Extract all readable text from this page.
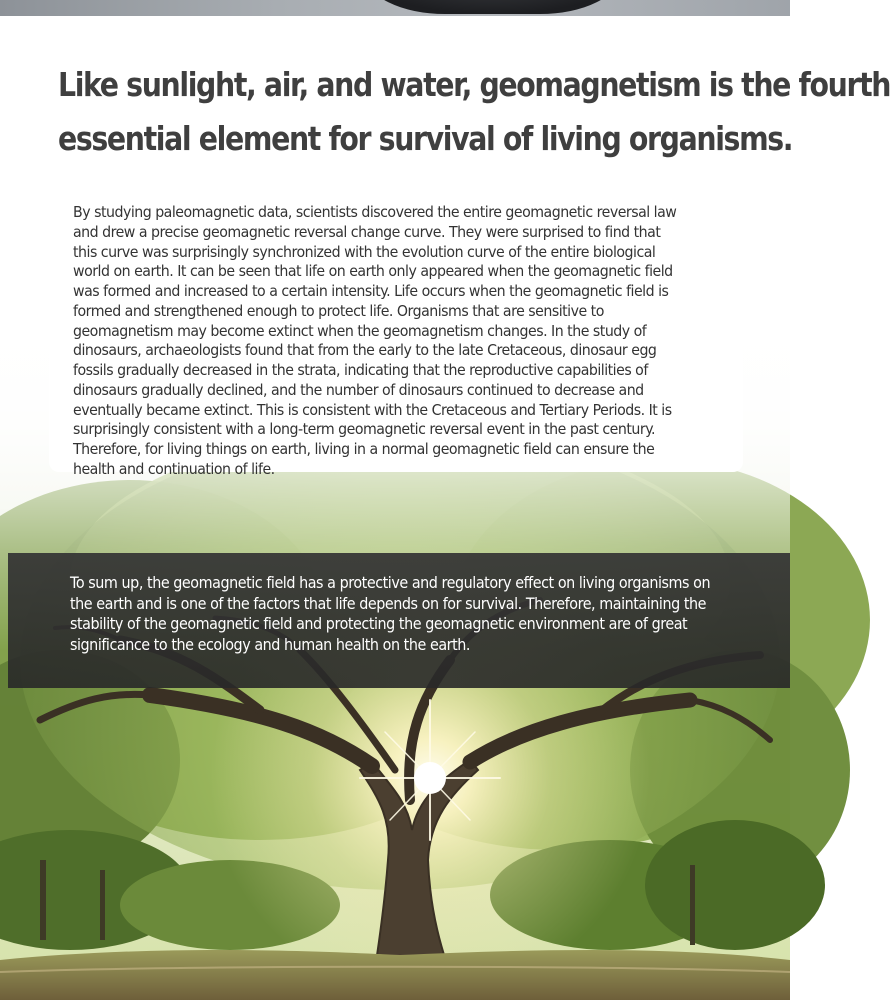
Like sunlight, air, and water, geomagnetism is the fourth
essential element for survival of living organisms.

By studying paleomagnetic data, scientists discovered the entire geomagnetic reversal law and drew a precise geomagnetic reversal change curve. They were surprised to find that this curve was surprisingly synchronized with the evolution curve of the entire biological world on earth. It can be seen that life on earth only appeared when the geomagnetic field was formed and increased to a certain intensity. Life occurs when the geomagnetic field is formed and strengthened enough to protect life. Organisms that are sensitive to geomagnetism may become extinct when the geomagnetism changes. In the study of dinosaurs, archaeologists found that from the early to the late Cretaceous, dinosaur egg fossils gradually decreased in the strata, indicating that the reproductive capabilities of dinosaurs gradually declined, and the number of dinosaurs continued to decrease and eventually became extinct. This is consistent with the Cretaceous and Tertiary Periods. It is surprisingly consistent with a long-term geomagnetic reversal event in the past century. Therefore, for living things on earth, living in a normal geomagnetic field can ensure the health and continuation of life.

To sum up, the geomagnetic field has a protective and regulatory effect on living organisms on the earth and is one of the factors that life depends on for survival. Therefore, maintaining the stability of the geomagnetic field and protecting the geomagnetic environment are of great significance to the ecology and human health on the earth.
